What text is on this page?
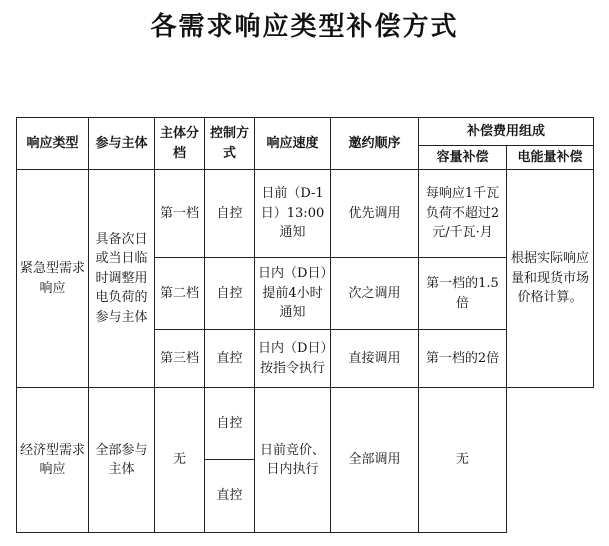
各需求响应类型补偿方式
响应类型	参与主体	主体分档	控制方式	响应速度	邀约顺序	补偿费用组成	
						容量补偿	电能量补偿
紧急型需求响应	具备次日或当日临时调整用电负荷的参与主体	第一档	自控	日前（D-1日）13:00通知	优先调用	每响应1千瓦负荷不超过2元/千瓦·月	根据实际响应量和现货市场价格计算。
		第二档	自控	日内（D日）提前4小时通知	次之调用	第一档的1.5倍	
		第三档	直控	日内（D日）按指令执行	直接调用	第一档的2倍	
经济型需求响应	全部参与主体	无	自控	日前竞价、日内执行	全部调用	无	
			直控				
